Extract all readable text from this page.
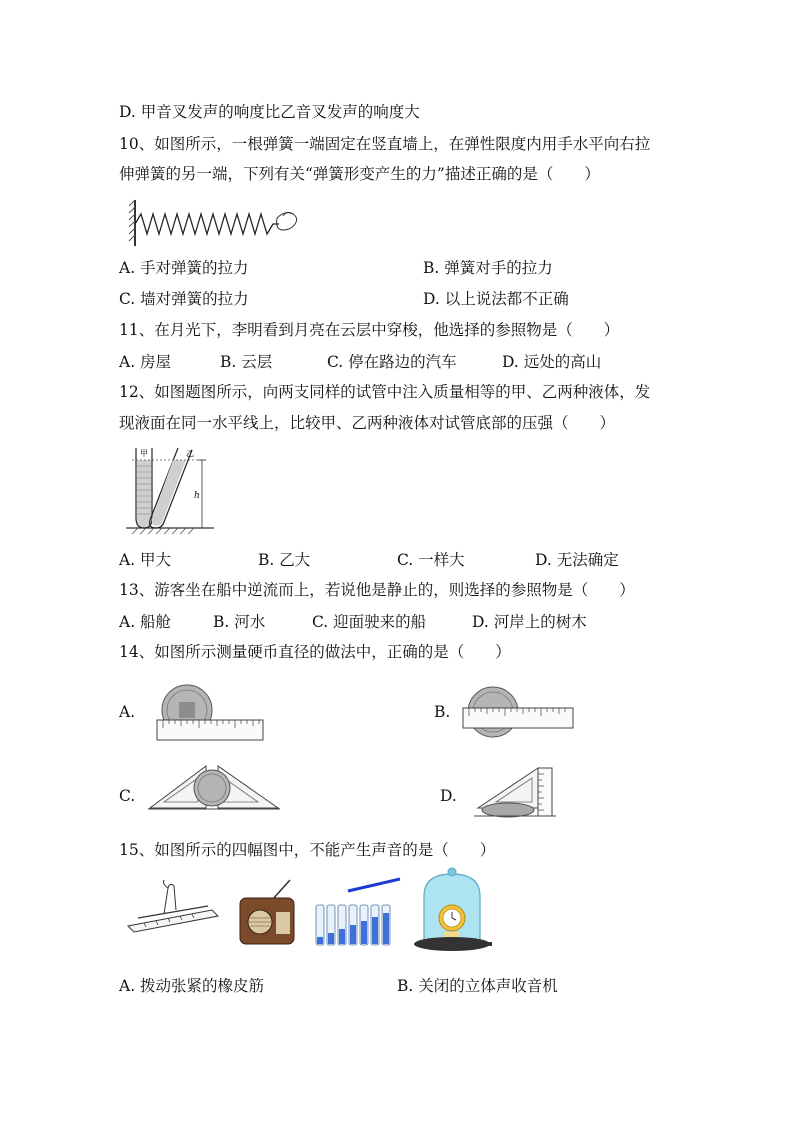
D. 甲音叉发声的响度比乙音叉发声的响度大
10、如图所示，一根弹簧一端固定在竖直墙上，在弹性限度内用手水平向右拉
伸弹簧的另一端，下列有关“弹簧形变产生的力”描述正确的是（　　）
A. 手对弹簧的拉力	B. 弹簧对手的拉力
C. 墙对弹簧的拉力	D. 以上说法都不正确
11、在月光下，李明看到月亮在云层中穿梭，他选择的参照物是（　　）
A. 房屋	B. 云层	C. 停在路边的汽车	D. 远处的高山
12、如图题图所示，向两支同样的试管中注入质量相等的甲、乙两种液体，发
现液面在同一水平线上，比较甲、乙两种液体对试管底部的压强（　　）
甲	乙
h
A. 甲大	B. 乙大	C. 一样大	D. 无法确定
13、游客坐在船中逆流而上，若说他是静止的，则选择的参照物是（　　）
A. 船舱	B. 河水	C. 迎面驶来的船	D. 河岸上的树木
14、如图所示测量硬币直径的做法中，正确的是（　　）
A.	B.
C.	D.
15、如图所示的四幅图中，不能产生声音的是（　　）
A. 拨动张紧的橡皮筋	B. 关闭的立体声收音机
